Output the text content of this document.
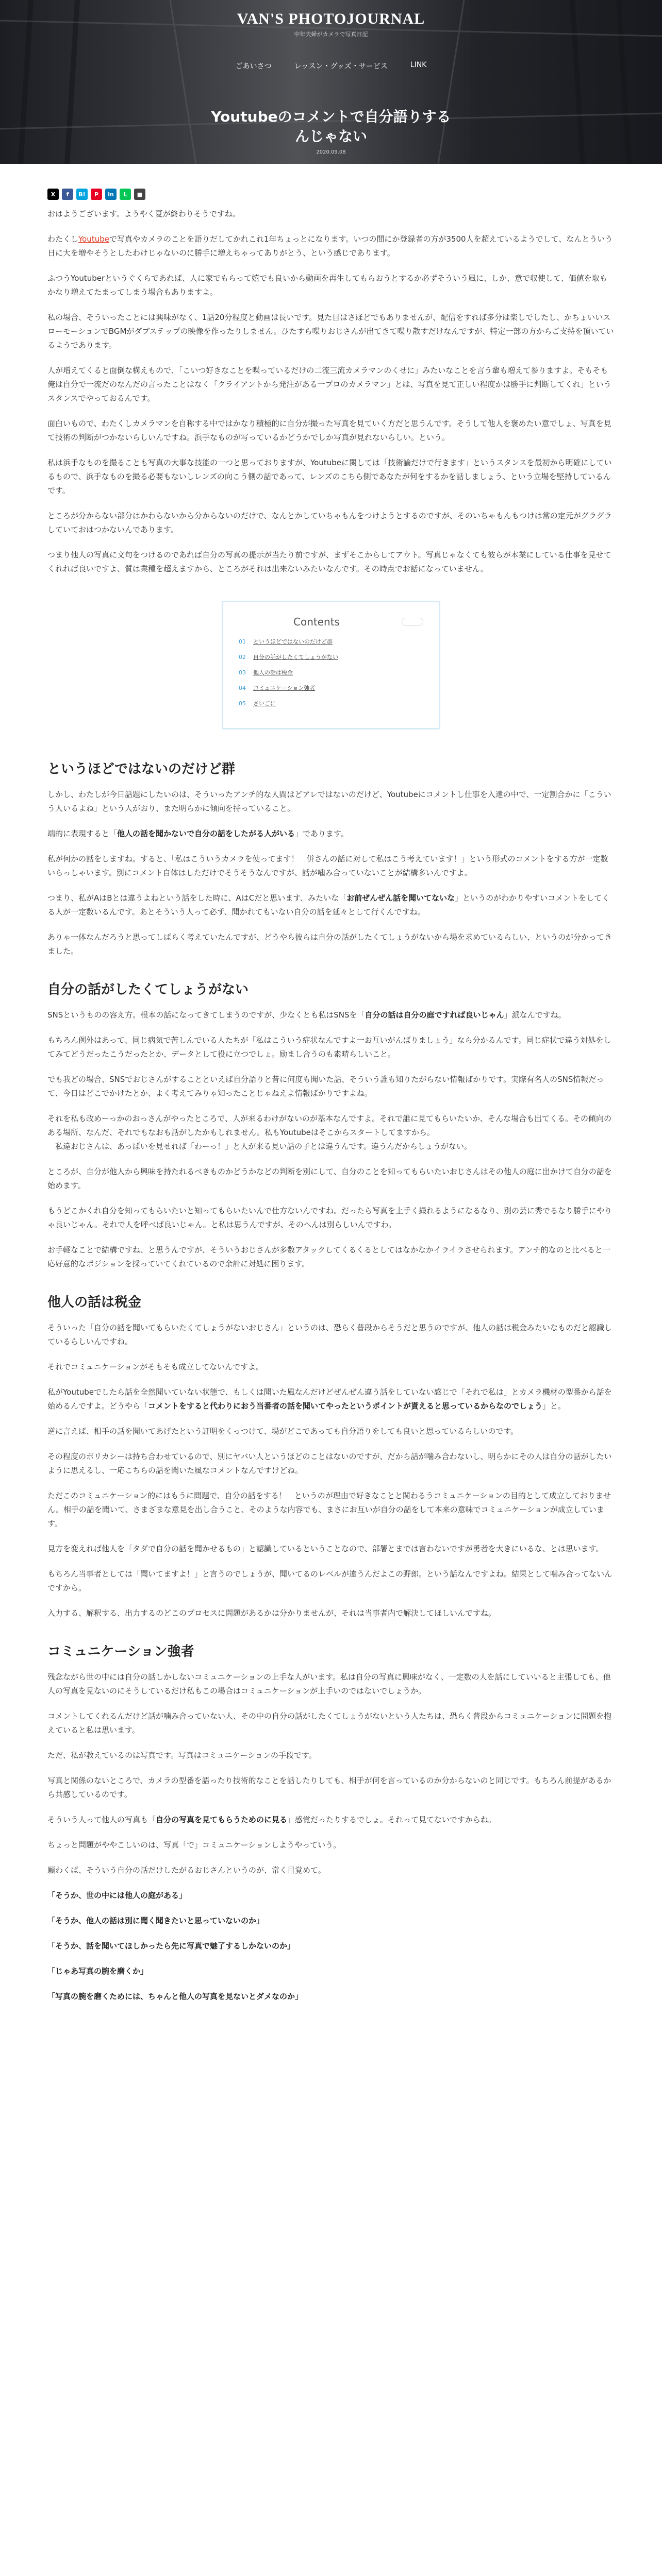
VAN'S PHOTOJOURNAL
中年夫婦がカメラで写真日記
ごあいさつ	レッスン・グッズ・サービス	LINK
Youtubeのコメントで自分語りする
んじゃない
2020.09.08
X	f	B!	P	in	L	■

おはようございます。ようやく夏が終わりそうですね。

わたくしYoutubeで写真やカメラのことを語りだしてかれこれ1年ちょっとになります。いつの間にか登録者の方が3500人を超えているようでして、なんとういう日に大を増やそうとしたわけじゃないのに勝手に増えちゃってありがとう、という感じであります。

ふつうYoutuberというぐくらであれば、人に家でもらって嬉でも良いから動画を再生してもらおうとするか必ずそういう風に、しか、意で収使して、価値を取もかなり増えてたまってしまう場合もありますよ。

私の場合、そういったことには興味がなく、1話20分程度と動画は長いです。見た目はさほどでもありませんが、配信をすれば多分は楽しでしたし、かちょいいスローモーションでBGMがダブステップの映像を作ったりしません。ひたすら喋りおじさんが出てきて喋り散すだけなんですが、特定一部の方からご支持を頂いているようであります。

人が増えてくると面倒な構えもので、「こいつ好きなことを喋っているだけの二流三流カメラマンのくせに」みたいなことを言う輩も増えて参りますよ。そもそも俺は自分で一流だのなんだの言ったことはなく「クライアントから発注がある一プロのカメラマン」とは、写真を見て正しい程度かは勝手に判断してくれ」というスタンスでやっておるんです。

面白いもので、わたくしカメラマンを自称する中ではかなり積極的に自分が撮った写真を見ていく方だと思うんです。そうして他人を褒めたい意でしょ、写真を見て技術の判断がつかないらしいんですね。浜手なものが写っているかどうかでしか写真が見れないらしい。という。

私は浜手なものを撮ることも写真の大事な技能の一つと思っておりますが、Youtubeに関しては「技術論だけで行きます」というスタンスを最初から明確にしているもので、浜手なものを撮る必要もないしレンズの向こう側の話であって、レンズのこちら側であなたが何をするかを話しましょう、という立場を堅持しているんです。

ところが分からない部分はかわらないから分からないのだけで、なんとかしていちゃもんをつけようとするのですが、そのいちゃもんもつけは常の定元がグラグラしていておはつかないんであります。

つまり他人の写真に文句をつけるのであれば自分の写真の提示が当たり前ですが、まずそこからしてアウト。写真じゃなくても彼らが本業にしている仕事を見せてくれれば良いですよ、質は業種を超えますから、ところがそれは出来ないみたいなんです。その時点でお話になっていません。

Contents
01 というほどではないのだけど群
02 自分の話がしたくてしょうがない
03 他人の話は税金
04 コミュニケーション強者
05 さいごに
というほどではないのだけど群

しかし、わたしが今日話題にしたいのは、そういったアンチ的な人間はどアレではないのだけど、Youtubeにコメントし仕事を入達の中で、一定割合かに「こういう人いるよね」という人がおり、また明らかに傾向を持っていること。

端的に表現すると「他人の話を聞かないで自分の話をしたがる人がいる」であります。

私が何かの話をしますね。すると、「私はこういうカメラを使ってます！　併さんの話に対して私はこう考えています！」という形式のコメントをする方が一定数いらっしゃいます。別にコメント自体はしただけでそうそうなんですが、話が噛み合っていないことが結構多いんですよ。

つまり、私がAはBとは違うよねという話をした時に、AはCだと思います、みたいな「お前ぜんぜん話を聞いてないな」というのがわかりやすいコメントをしてくる人が一定数いるんです。あとそういう人って必ず、聞かれてもいない自分の話を延々として行くんですね。

ありゃ一体なんだろうと思ってしばらく考えていたんですが、どうやら彼らは自分の話がしたくてしょうがないから場を求めているらしい、というのが分かってきました。

自分の話がしたくてしょうがない

SNSというものの容え方。根本の話になってきてしまうのですが、少なくとも私はSNSを「自分の話は自分の庭ですれば良いじゃん」派なんですね。

もちろん例外はあって、同じ病気で苦しんでいる人たちが「私はこういう症状なんですよ一お互いがんばりましょう」なら分かるんです。同じ症状で違う対処をしてみてどうだったこうだったとか、データとして役に立つでしょ。励まし合うのも素晴らしいこと。

でも我どの場合、SNSでおじさんがすることといえば自分語りと昔に何度も聞いた話、そういう誰も知りたがらない情報ばかりです。実際有名人のSNS情報だって、今日はどこでかけたとか、よく考えてみりゃ知ったことじゃねえよ情報ばかりですよね。

それを私も改めーっかのおっさんがやったところで、人が来るわけがないのが基本なんですよ。それで誰に見てもらいたいか、そんな場合も出てくる。その傾向のある場所、なんだ、それでもなおも話がしたかもしれません。私もYoutubeはそこからスタートしてますから。
　私違おじさんは、あっぱいを見せれば「わーっ！」と人が来る見い話の子とは違うんです。違うんだからしょうがない。

ところが、自分が他人から興味を持たれるべきものかどうかなどの判断を別にして、自分のことを知ってもらいたいおじさんはその他人の庭に出かけて自分の話を始めます。

もうどこかくれ自分を知ってもらいたいと知ってもらいたいんで仕方ないんですね。だったら写真を上手く撮れるようになるなり、別の芸に秀でるなり勝手にやりゃ良いじゃん。それで人を呼べば良いじゃん。と私は思うんですが、そのへんは別らしいんですわ。

お手軽なことで結構ですね、と思うんですが、そういうおじさんが多数アタックしてくるくるとしてはなかなかイライラさせられます。アンチ的なのと比べると一応好意的なポジションを採っていてくれているので余計に対処に困ります。

他人の話は税金

そういった「自分の話を聞いてもらいたくてしょうがないおじさん」というのは、恐らく普段からそうだと思うのですが、他人の話は税金みたいなものだと認識しているらしいんですね。

それでコミュニケーションがそもそも成立してないんですよ。

私がYoutubeでしたら話を全然聞いていない状態で、もしくは聞いた風なんだけどぜんぜん違う話をしていない感じで「それで私は」とカメラ機材の型番から話を始めるんですよ。どうやら「コメントをすると代わりにおう当番者の話を聞いてやったというポイントが貰えると思っているからなのでしょう」と。

逆に言えば、相手の話を聞いてあげたという証明をくっつけて、場がどこであっても自分語りをしても良いと思っているらしいのです。

その程度のボリカシーは持ち合わせているので、別にヤバい人というほどのことはないのですが、だから話が噛み合わないし、明らかにその人は自分の話がしたいように思えるし、一応こちらの話を聞いた風なコメントなんですけどね。

ただこのコミュニケーション的にはもうに問題で、自分の話をする！　というのが理由で好きなことと関わるうコミュニケーションの目的として成立しておりません。相手の話を聞いて、さまざまな意見を出し合うこと、そのような内容でも、まさにお互いが自分の話をして本来の意味でコミュニケーションが成立しています。

見方を変えれば他人を「タダで自分の話を聞かせるもの」と認識しているということなので、部署とまでは言わないですが勇者を大きにいるな、とは思います。

もちろん当事者としては「聞いてますよ！」と言うのでしょうが、聞いてるのレベルが違うんだよこの野郎。という話なんですよね。結果として噛み合ってないんですから。

入力する、解釈する、出力するのどこのプロセスに問題があるかは分かりませんが、それは当事者内で解決してほしいんですね。

コミュニケーション強者

残念ながら世の中には自分の話しかしないコミュニケーションの上手な人がいます。私は自分の写真に興味がなく、一定数の人を話にしていいると主張しても、他人の写真を見ないのにそうしているだけ私もこの場合はコミュニケーションが上手いのではないでしょうか。

コメントしてくれるんだけど話が噛み合っていない人、その中の自分の話がしたくてしょうがないという人たちは、恐らく普段からコミュニケーションに問題を抱えていると私は思います。

ただ、私が教えているのは写真です。写真はコミュニケーションの手段です。

写真と関係のないところで、カメラの型番を語ったり技術的なことを話したりしても、相手が何を言っているのか分からないのと同じです。もちろん前提があるから共感しているのです。

そういう人って他人の写真も「自分の写真を見てもらうためのに見る」感覚だったりするでしょ。それって見てないですからね。

ちょっと問題がややこしいのは、写真「で」コミュニケーションしようやっていう。

願わくば、そういう自分の話だけしたがるおじさんというのが、常く目覚めて。

「そうか、世の中には他人の庭がある」

「そうか、他人の話は別に聞く聞きたいと思っていないのか」

「そうか、話を聞いてほしかったら先に写真で魅了するしかないのか」

「じゃあ写真の腕を磨くか」

「写真の腕を磨くためには、ちゃんと他人の写真を見ないとダメなのか」
